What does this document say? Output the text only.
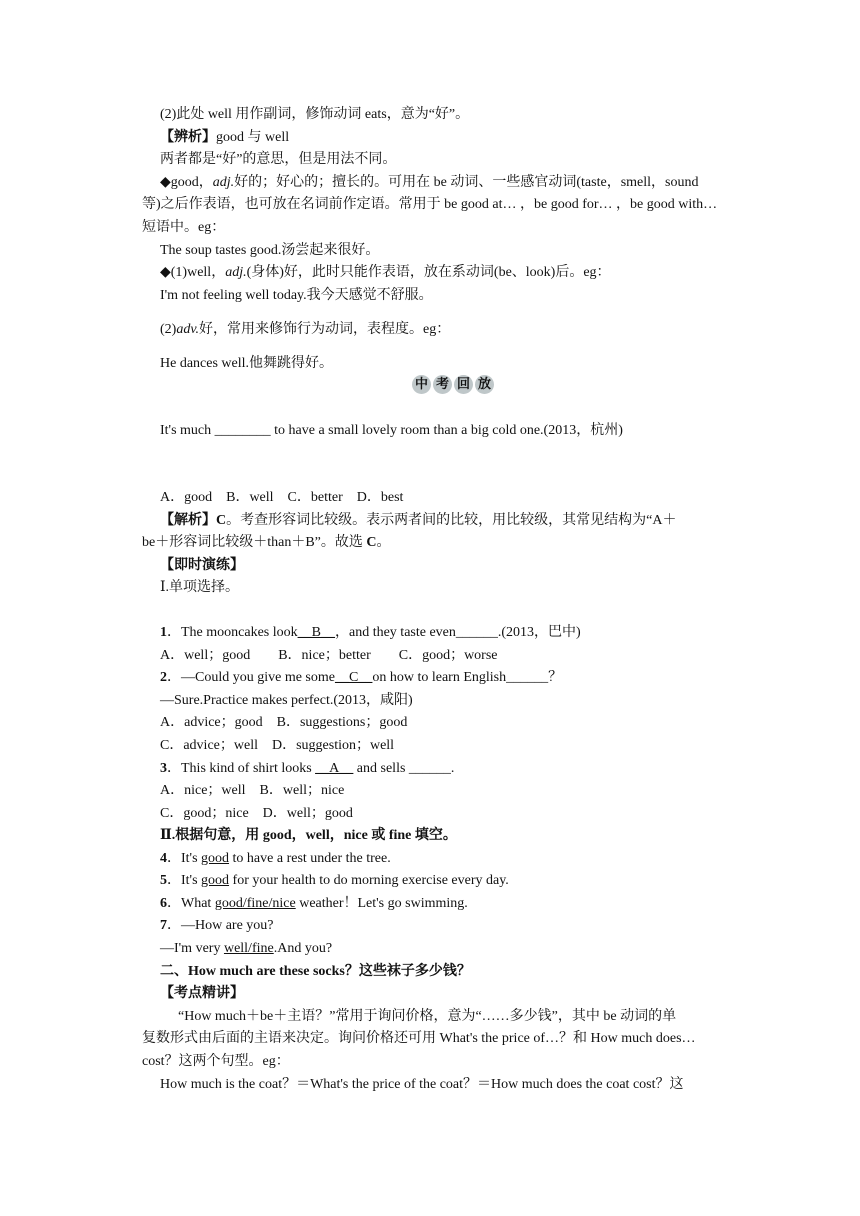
(2)此处 well 用作副词，修饰动词 eats，意为“好”。
【辨析】good 与 well
两者都是“好”的意思，但是用法不同。
◆good，adj.好的；好心的；擅长的。可用在 be 动词、一些感官动词(taste，smell，sound
等)之后作表语，也可放在名词前作定语。常用于 be good at… ，be good for… ，be good with…
短语中。eg：
The soup tastes good.汤尝起来很好。
◆(1)well，adj.(身体)好，此时只能作表语，放在系动词(be、look)后。eg：
I'm not feeling well today.我今天感觉不舒服。
(2)adv.好，常用来修饰行为动词，表程度。eg：
He dances well.他舞跳得好。
It's much ________ to have a small lovely room than a big cold one.(2013，杭州)
A．good　B．well　C．better　D．best
【解析】C。考查形容词比较级。表示两者间的比较，用比较级，其常见结构为“A＋
be＋形容词比较级＋than＋B”。故选 C。
【即时演练】
Ⅰ.单项选择。
1．The mooncakes look__B__，and they taste even______.(2013，巴中)
A．well；good　　B．nice；better　　C．good；worse
2．—Could you give me some__C__on how to learn English______？
—Sure.Practice makes perfect.(2013，咸阳)
A．advice；good　B．suggestions；good
C．advice；well　D．suggestion；well
3．This kind of shirt looks __A__ and sells ______.
A．nice；well　B．well；nice
C．good；nice　D．well；good
Ⅱ.根据句意，用 good，well，nice 或 fine 填空。
4．It's good to have a rest under the tree.
5．It's good for your health to do morning exercise every day.
6．What good/fine/nice weather！Let's go swimming.
7．—How are you?
—I'm very well/fine.And you?
二、How much are these socks？这些袜子多少钱？
【考点精讲】
“How much＋be＋主语？”常用于询问价格，意为“……多少钱”，其中 be 动词的单
复数形式由后面的主语来决定。询问价格还可用 What's the price of…？和 How much does…
cost？这两个句型。eg：
How much is the coat？＝What's the price of the coat？＝How much does the coat cost？这
中 考 回 放
